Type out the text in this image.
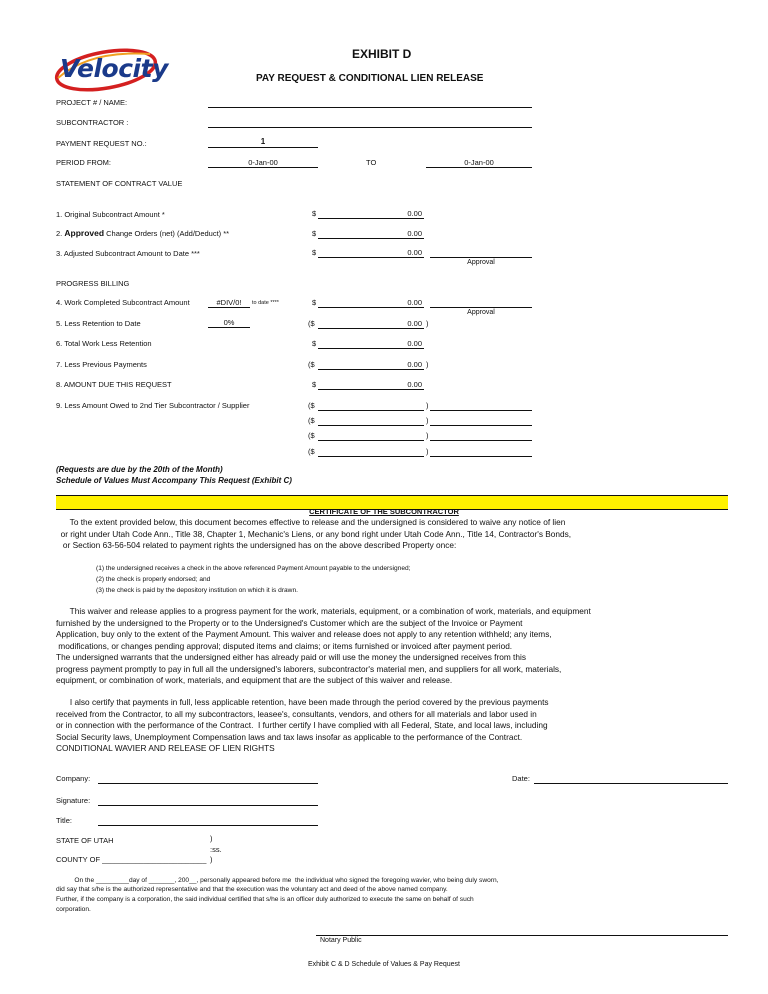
Velocity	EXHIBIT D
PAY REQUEST & CONDITIONAL LIEN RELEASE
PROJECT # / NAME:
SUBCONTRACTOR :
PAYMENT REQUEST NO.:	1
PERIOD FROM:	0-Jan-00	TO	0-Jan-00
STATEMENT OF CONTRACT VALUE
1. Original Subcontract Amount *	$	0.00
2. Approved Change Orders (net) (Add/Deduct) **	$	0.00
3. Adjusted Subcontract Amount to Date ***	$	0.00
Approval
PROGRESS BILLING
4. Work Completed Subcontract Amount	#DIV/0!	to date ****	$	0.00
Approval
5. Less Retention to Date	0%	($	0.00 )
6. Total Work Less Retention	$	0.00
7. Less Previous Payments	($	0.00 )
8. AMOUNT DUE THIS REQUEST	$	0.00
9. Less Amount Owed to 2nd Tier Subcontractor / Supplier	($	)
($	)
($	)
($	)
(Requests are due by the 20th of the Month)
Schedule of Values Must Accompany This Request (Exhibit C)
CERTIFICATE OF THE SUBCONTRACTOR
To the extent provided below, this document becomes effective to release and the undersigned is considered to waive any notice of lien
or right under Utah Code Ann., Title 38, Chapter 1, Mechanic's Liens, or any bond right under Utah Code Ann., Title 14, Contractor's Bonds,
or Section 63-56-504 related to payment rights the undersigned has on the above described Property once:
(1) the undersigned receives a check in the above referenced Payment Amount payable to the undersigned;
(2) the check is properly endorsed; and
(3) the check is paid by the depository institution on which it is drawn.
This waiver and release applies to a progress payment for the work, materials, equipment, or a combination of work, materials, and equipment
furnished by the undersigned to the Property or to the Undersigned's Customer which are the subject of the Invoice or Payment
Application, buy only to the extent of the Payment Amount. This waiver and release does not apply to any retention withheld; any items,
modifications, or changes pending approval; disputed items and claims; or items furnished or invoiced after payment period.
The undersigned warrants that the undersigned either has already paid or will use the money the undersigned receives from this
progress payment promptly to pay in full all the undersigned's laborers, subcontractor's material men, and suppliers for all work, materials,
equipment, or combination of work, materials, and equipment that are the subject of this waiver and release.
I also certify that payments in full, less applicable retention, have been made through the period covered by the previous payments
received from the Contractor, to all my subcontractors, leasee's, consultants, vendors, and others for all materials and labor used in
or in connection with the performance of the Contract.  I further certify I have complied with all Federal, State, and local laws, including
Social Security laws, Unemployment Compensation laws and tax laws insofar as applicable to the performance of the Contract.
CONDITIONAL WAVIER AND RELEASE OF LIEN RIGHTS
Company:	Date:
Signature:
Title:
STATE OF UTAH	)
:ss.
COUNTY OF _________________________ )
On the _________day of _______, 200__, personally appeared before me  the individual who signed the foregoing wavier, who being duly sworn,
did say that s/he is the authorized representative and that the execution was the voluntary act and deed of the above named company.
Further, if the company is a corporation, the said individual certified that s/he is an officer duly authorized to execute the same on behalf of such
corporation.
Notary Public
Exhibit C & D Schedule of Values & Pay Request
